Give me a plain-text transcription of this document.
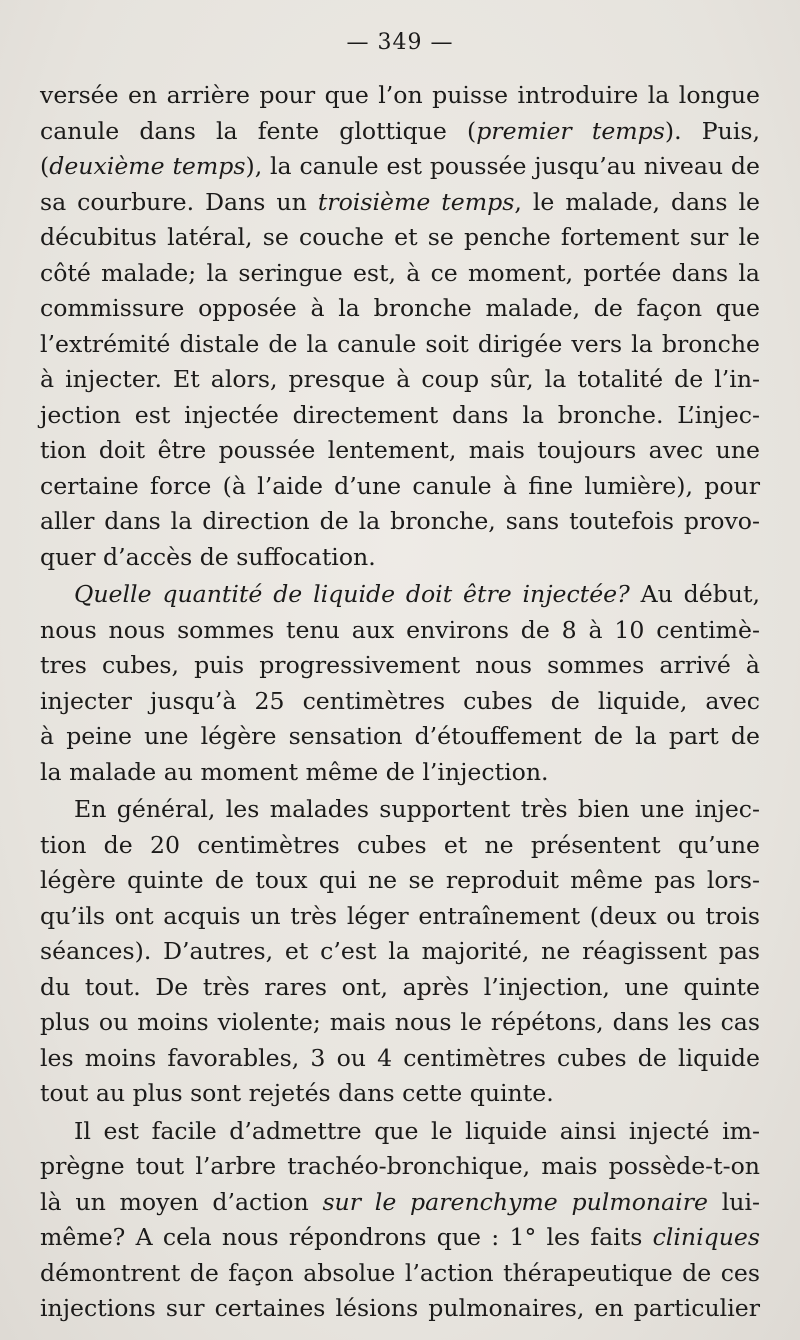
— 349 —
versée en arrière pour que l’on puisse introduire la longue
canule dans la fente glottique (premier temps). Puis,
(deuxième temps), la canule est poussée jusqu’au niveau de
sa courbure. Dans un troisième temps, le malade, dans le
décubitus latéral, se couche et se penche fortement sur le
côté malade; la seringue est, à ce moment, portée dans la
commissure opposée à la bronche malade, de façon que
l’extrémité distale de la canule soit dirigée vers la bronche
à injecter. Et alors, presque à coup sûr, la totalité de l’in-
jection est injectée directement dans la bronche. L’injec-
tion doit être poussée lentement, mais toujours avec une
certaine force (à l’aide d’une canule à fine lumière), pour
aller dans la direction de la bronche, sans toutefois provo-
quer d’accès de suffocation.
Quelle quantité de liquide doit être injectée? Au début,
nous nous sommes tenu aux environs de 8 à 10 centimè-
tres cubes, puis progressivement nous sommes arrivé à
injecter jusqu’à 25 centimètres cubes de liquide, avec
à peine une légère sensation d’étouffement de la part de
la malade au moment même de l’injection.
En général, les malades supportent très bien une injec-
tion de 20 centimètres cubes et ne présentent qu’une
légère quinte de toux qui ne se reproduit même pas lors-
qu’ils ont acquis un très léger entraînement (deux ou trois
séances). D’autres, et c’est la majorité, ne réagissent pas
du tout. De très rares ont, après l’injection, une quinte
plus ou moins violente; mais nous le répétons, dans les cas
les moins favorables, 3 ou 4 centimètres cubes de liquide
tout au plus sont rejetés dans cette quinte.
Il est facile d’admettre que le liquide ainsi injecté im-
prègne tout l’arbre trachéo-bronchique, mais possède-t-on
là un moyen d’action sur le parenchyme pulmonaire lui-
même? A cela nous répondrons que : 1° les faits cliniques
démontrent de façon absolue l’action thérapeutique de ces
injections sur certaines lésions pulmonaires, en particulier
